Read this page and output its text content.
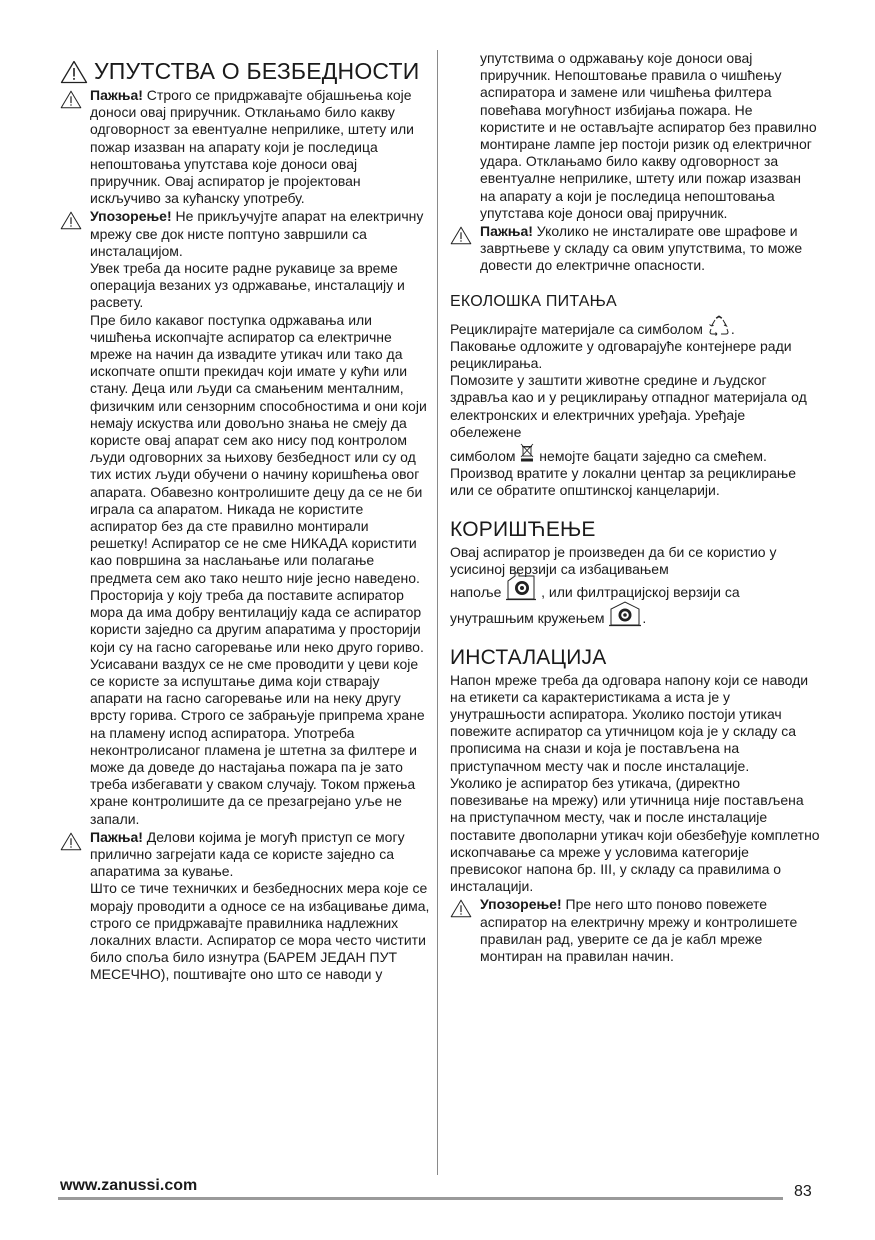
УПУТСТВА О БЕЗБЕДНОСТИ
Пажња! Строго се придржавајте објашњења које доноси овај приручник. Отклањамо било какву одговорност за евентуалне неприлике, штету или пожар изазван на апарату који је последица непоштовања упутстава које доноси овај приручник. Овај аспиратор је пројектован искључиво за кућанску употребу.
Упозорење! Не прикључујте апарат на електричну мрежу све док нисте поптуно завршили са инсталацијом.

Увек треба да носите радне рукавице за време операција везаних уз одржавање, инсталацију и расвету.

Пре било какавог поступка одржавања или чишћења ископчајте аспиратор са електричне мреже на начин да извадите утикач или тако да ископчате општи прекидач који имате у кући или стану. Деца или људи са смањеним менталним, физичким или сензорним способностима и они који немају искуства или довољно знања не смеју да користе овај апарат сем ако нису под контролом људи одговорних за њихову безбедност или су од тих истих људи обучени о начину коришћења овог апарата. Обавезно контролишите децу да се не би играла са апаратом. Никада не користите аспиратор без да сте правилно монтирали решетку! Аспиратор се не сме НИКАДА користити као површина за наслањање или полагање предмета сем ако тако нешто није јесно наведено.

Просторија у коју треба да поставите аспиратор мора да има добру вентилацију када се аспиратор користи заједно са другим апаратима у просторији који су на гасно сагоревање или неко друго гориво. Усисавани ваздух се не сме проводити у цеви које се користе за испуштање дима који стварају апарати на гасно сагоревање или на неку другу врсту горива. Строго се забрањује припрема хране на пламену испод аспиратора. Употреба неконтролисаног пламена је штетна за филтере и може да доведе до настајања пожара па је зато треба избегавати у сваком случају. Током пржења хране контролишите да се презагрејано уље не запали.

Пажња! Делови којима је могућ приступ се могу прилично загрејати када се користе заједно са апаратима за кување.

Што се тиче техничких и безбедносних мера које се морају проводити а односе се на избацивање дима, строго се придржавајте правилника надлежних локалних власти. Аспиратор се мора често чистити било споља било изнутра (БАРЕМ ЈЕДАН ПУТ МЕСЕЧНО), поштивајте оно што се наводи у

упутствима о одржавању које доноси овај приручник. Непоштовање правила о чишћењу аспиратора и замене или чишћења филтера повећава могућност избијања пожара. Не користите и не остављајте аспиратор без правилно монтиране лампе јер постоји ризик од електричног удара. Отклањамо било какву одговорност за евентуалне неприлике, штету или пожар изазван на апарату а који је последица непоштовања упутстава које доноси овај приручник.

Пажња! Уколико не инсталирате ове шрафове и завртњеве у складу са овим упутствима, то може довести до електричне опасности.
ЕКОЛОШКА ПИТАЊА

Рециклирајте материјале са симболом .

Паковање одложите у одговарајуће контејнере ради рециклирања.

Помозите у заштити животне средине и људског здравља као и у рециклирању отпадног материјала од електронских и електричних уређаја. Уређаје обележене

симболом  немојте бацати заједно са смећем. Производ вратите у локални центар за рециклирање или се обратите општинској канцеларији.

КОРИШЋЕЊЕ

Овај аспиратор је произведен да би се користио у усисиној верзији са избацивањем

напоље  , или филтрацијској верзији са

унутрашњим кружењем .

ИНСТАЛАЦИЈА

Напон мреже треба да одговара напону који се наводи на етикети са карактеристикама а иста је у унутрашњости аспиратора. Уколико постоји утикач повежите аспиратор са утичницом која је у складу са прописима на снази и која је постављена на приступачном месту чак и после инсталације.

Уколико је аспиратор без утикача, (директно повезивање на мрежу) или утичница није постављена на приступачном месту, чак и после инсталације поставите двополарни утикач који обезбеђује комплетно ископчавање са мреже у условима категорије превисоког напона бр. III, у складу са правилима о инсталацији.

Упозорење! Пре него што поново повежете аспиратор на електричну мрежу и контролишете правилан рад, уверите се да је кабл мреже монтиран на правилан начин.
www.zanussi.com	83
